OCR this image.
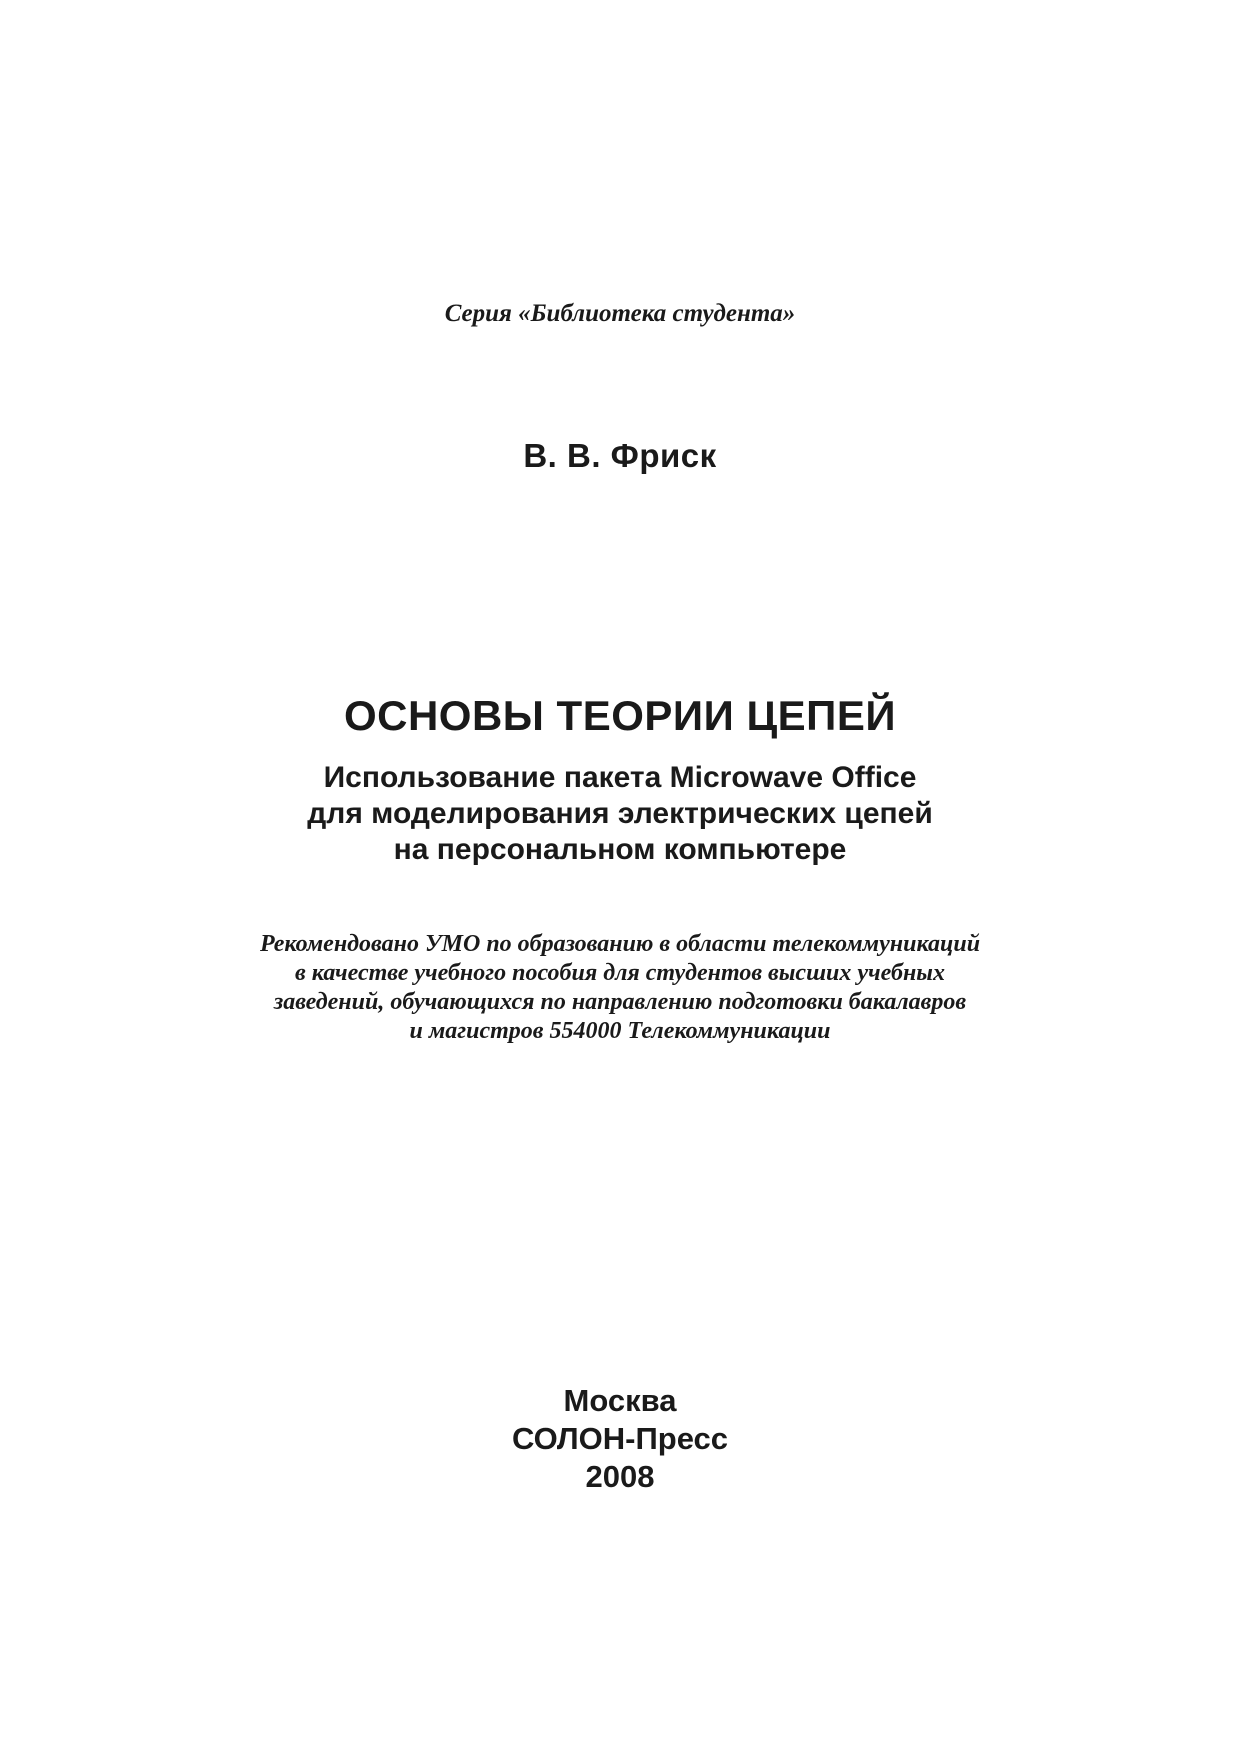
Серия «Библиотека студента»
В. В. Фриск
ОСНОВЫ ТЕОРИИ ЦЕПЕЙ
Использование пакета Microwave Office
для моделирования электрических цепей
на персональном компьютере
Рекомендовано УМО по образованию в области телекоммуникаций
в качестве учебного пособия для студентов высших учебных
заведений, обучающихся по направлению подготовки бакалавров
и магистров 554000 Телекоммуникации
Москва
СОЛОН-Пресс
2008
